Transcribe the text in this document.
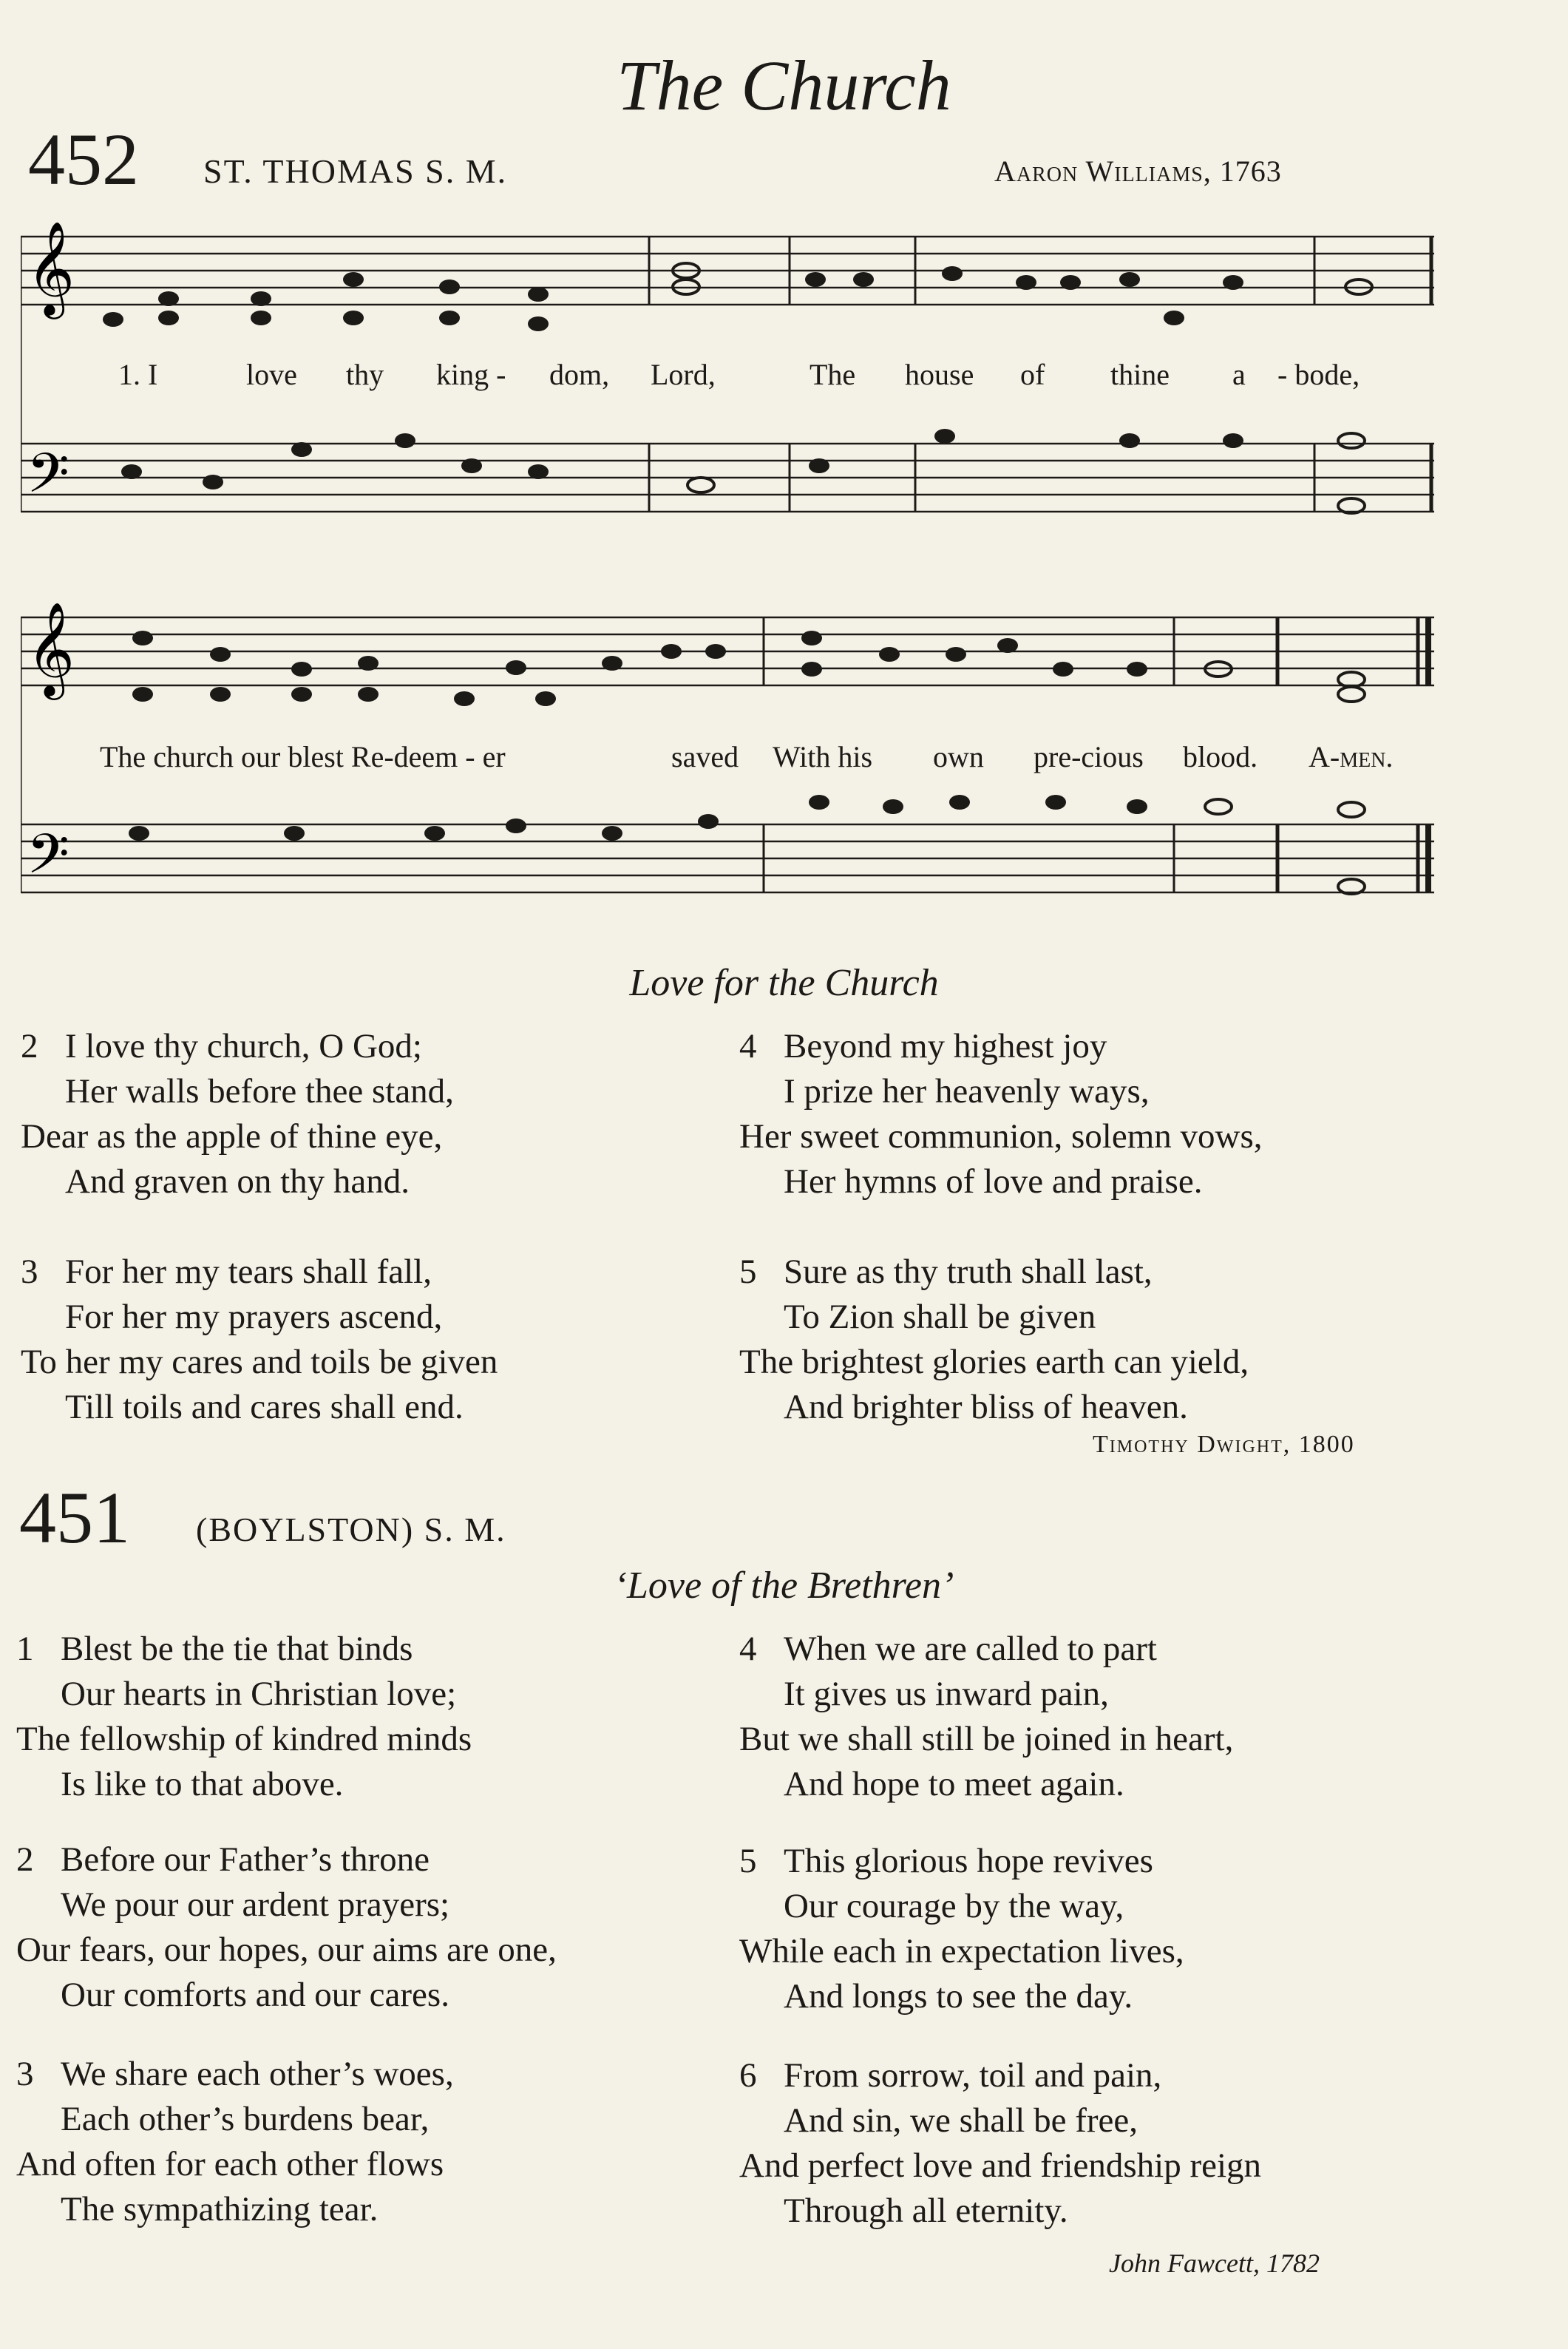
The Church
452 ST. THOMAS S. M.	Aaron Williams, 1763
𝄞
𝄢
1. I	love thy king - dom, Lord,	The house of thine a - bode,
𝄞
𝄢
The church our blest Re-deem - er	saved With his own pre-cious blood. A-men.
Love for the Church
2 I love thy church, O God;
Her walls before thee stand,
Dear as the apple of thine eye,
And graven on thy hand.
3 For her my tears shall fall,
For her my prayers ascend,
To her my cares and toils be given
Till toils and cares shall end.
4 Beyond my highest joy
I prize her heavenly ways,
Her sweet communion, solemn vows,
Her hymns of love and praise.
5 Sure as thy truth shall last,
To Zion shall be given
The brightest glories earth can yield,
And brighter bliss of heaven.
Timothy Dwight, 1800
451 (BOYLSTON) S. M.
‘Love of the Brethren’
1 Blest be the tie that binds
Our hearts in Christian love;
The fellowship of kindred minds
Is like to that above.
2 Before our Father’s throne
We pour our ardent prayers;
Our fears, our hopes, our aims are one,
Our comforts and our cares.
3 We share each other’s woes,
Each other’s burdens bear,
And often for each other flows
The sympathizing tear.
4 When we are called to part
It gives us inward pain,
But we shall still be joined in heart,
And hope to meet again.
5 This glorious hope revives
Our courage by the way,
While each in expectation lives,
And longs to see the day.
6 From sorrow, toil and pain,
And sin, we shall be free,
And perfect love and friendship reign
Through all eternity.
John Fawcett, 1782
